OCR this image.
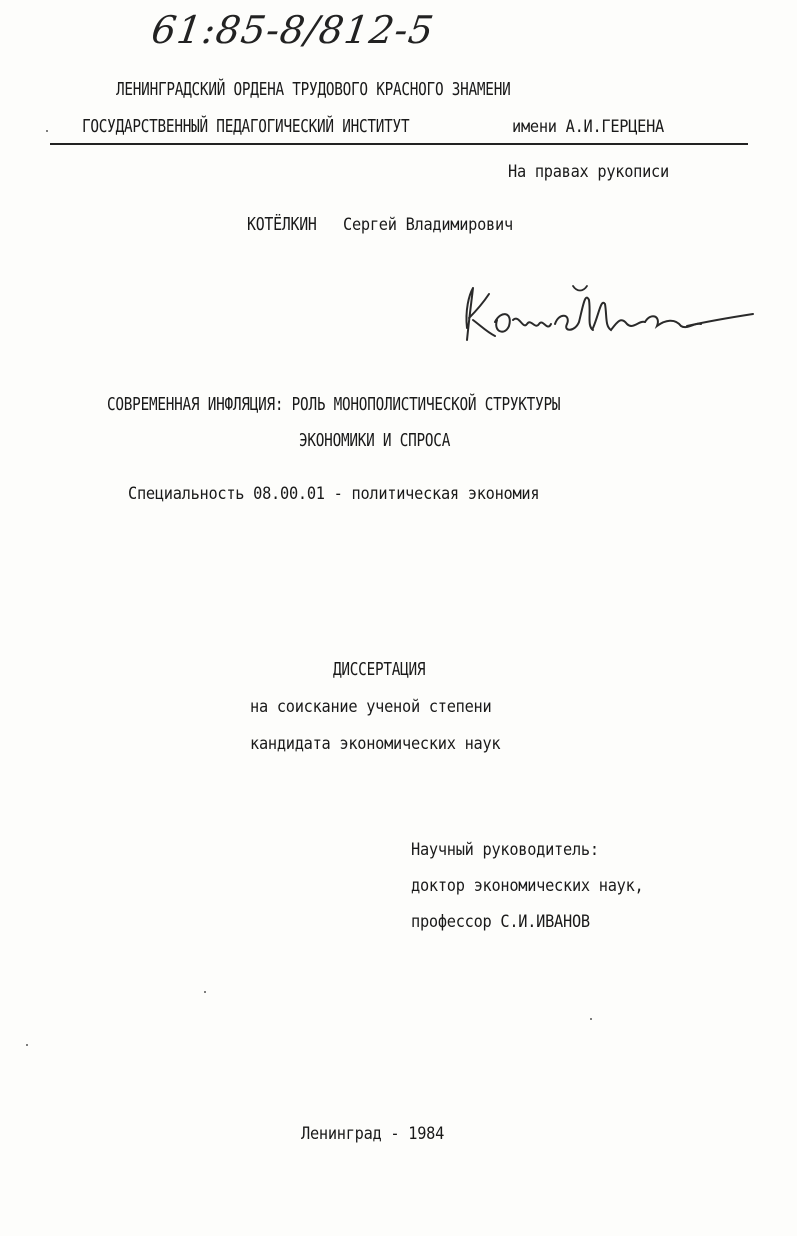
61:85-8/812-5
ЛЕНИНГРАДСКИЙ ОРДЕНА ТРУДОВОГО КРАСНОГО ЗНАМЕНИ
ГОСУДАРСТВЕННЫЙ ПЕДАГОГИЧЕСКИЙ ИНСТИТУТ	имени А.И.ГЕРЦЕНА
На правах рукописи
КОТЁЛКИН Сергей Владимирович
СОВРЕМЕННАЯ ИНФЛЯЦИЯ: РОЛЬ МОНОПОЛИСТИЧЕСКОЙ СТРУКТУРЫ
ЭКОНОМИКИ И СПРОСА
Специальность 08.00.01 - политическая экономия
ДИССЕРТАЦИЯ
на соискание ученой степени
кандидата экономических наук
Научный руководитель:
доктор экономических наук,
профессор С.И.ИВАНОВ
Ленинград - 1984
